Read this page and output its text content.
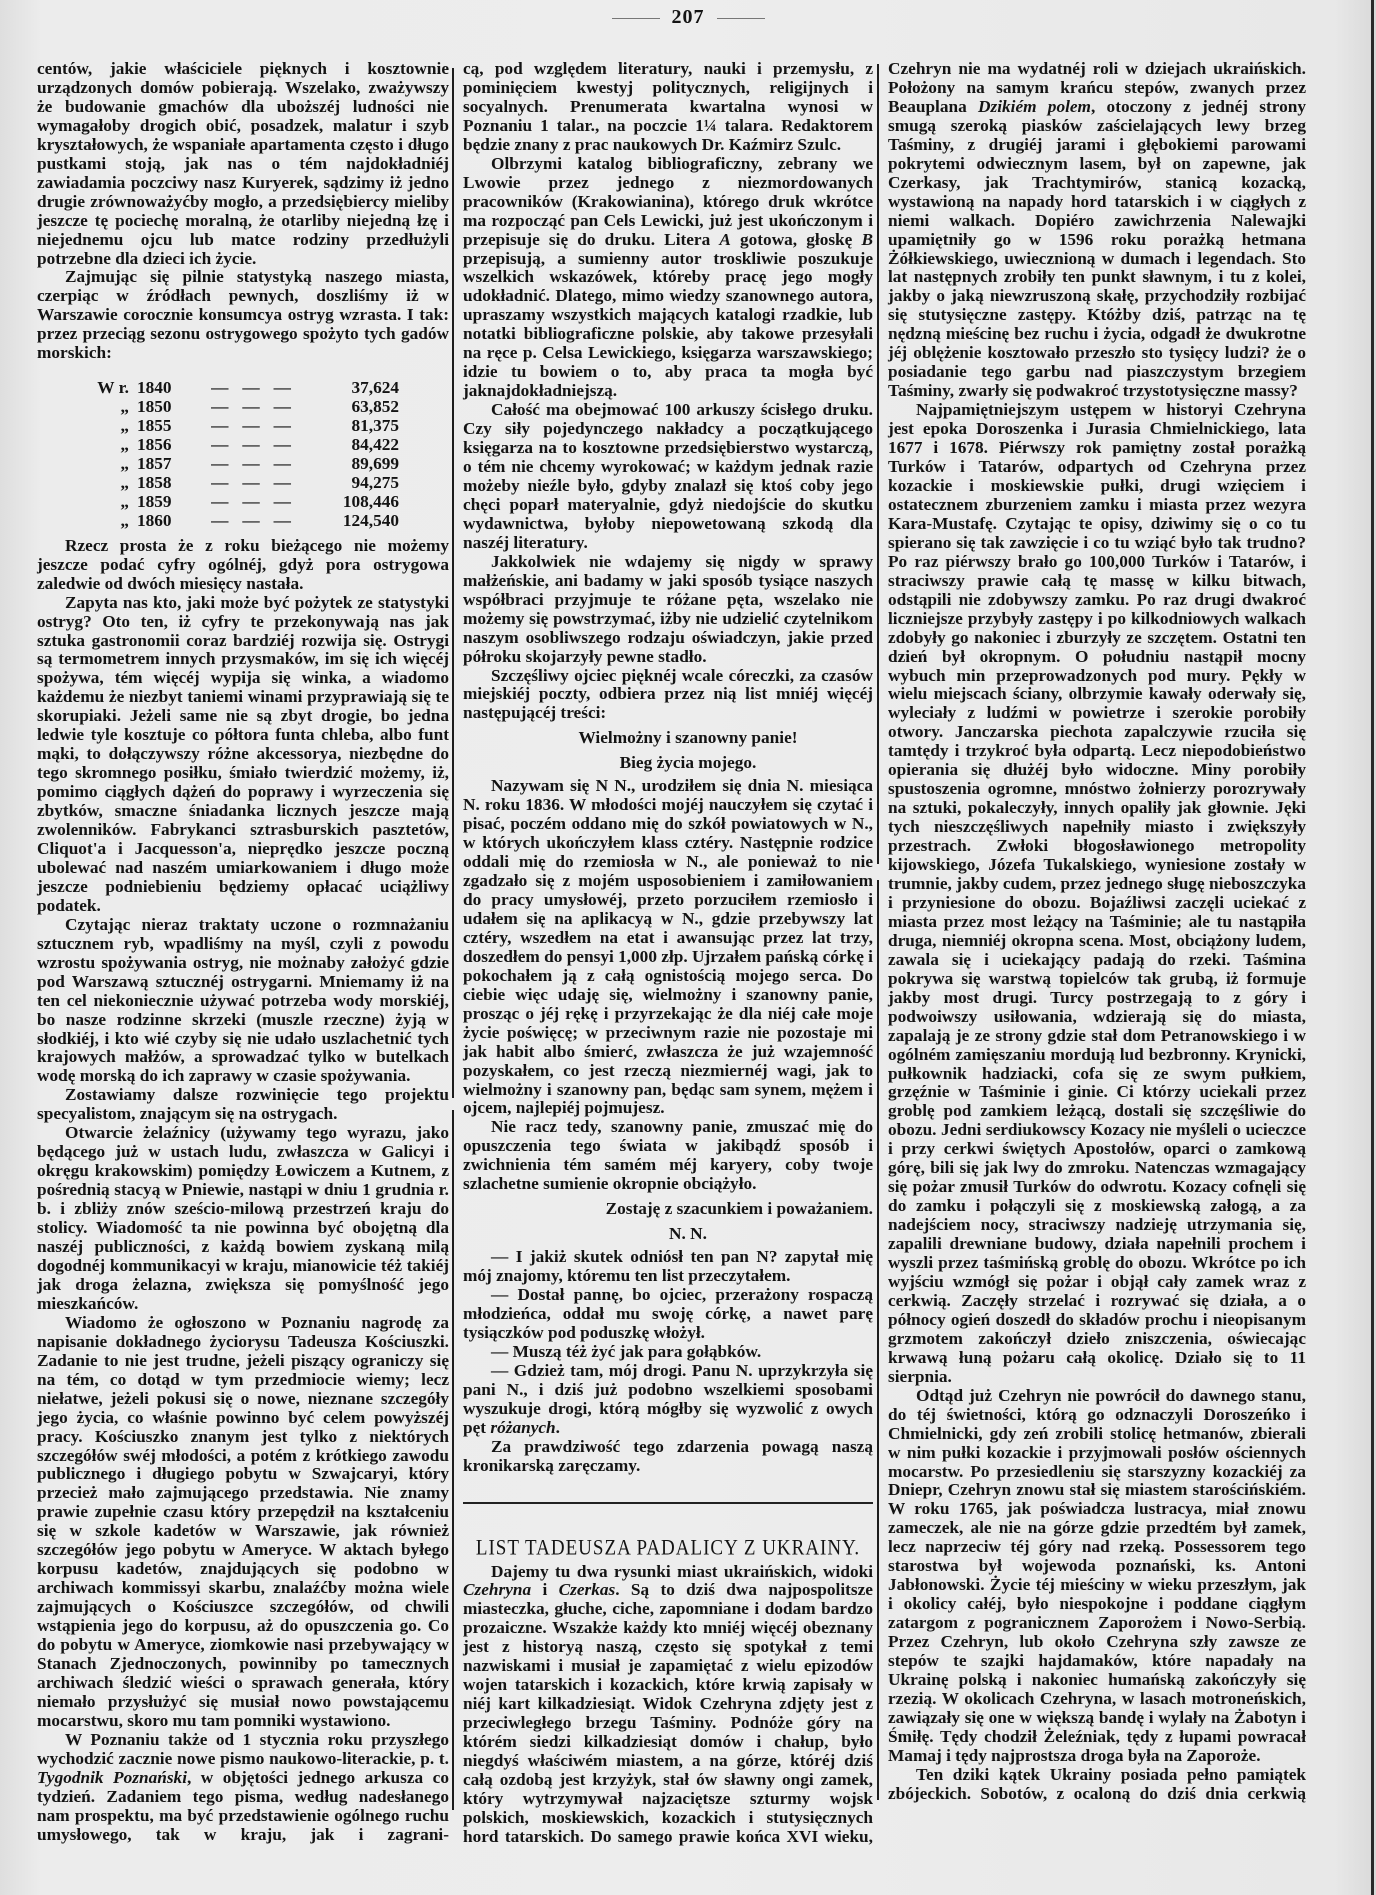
207

centów, jakie właściciele pięknych i kosztownie urządzonych domów pobierają. Wszelako, zważywszy że budowanie gmachów dla uboższéj ludności nie wymagałoby drogich obić, posadzek, malatur i szyb kryształowych, że wspaniałe apartamenta często i długo pustkami stoją, jak nas o tém najdokładniéj zawiadamia poczciwy nasz Kuryerek, sądzimy iż jedno drugie zrównoważyćby mogło, a przedsiębiercy mieliby jeszcze tę pociechę moralną, że otarliby niejedną łzę i niejednemu ojcu lub matce rodziny przedłużyli potrzebne dla dzieci ich życie.

Zajmując się pilnie statystyką naszego miasta, czerpiąc w źródłach pewnych, doszliśmy iż w Warszawie corocznie konsumcya ostryg wzrasta. I tak: przez przeciąg sezonu ostrygowego spożyto tych gadów morskich:

W r. 1840	———	37,624
„ 1850	———	63,852
„ 1855	———	81,375
„ 1856	———	84,422
„ 1857	———	89,699
„ 1858	———	94,275
„ 1859	———	108,446
„ 1860	———	124,540

Rzecz prosta że z roku bieżącego nie możemy jeszcze podać cyfry ogólnéj, gdyż pora ostrygowa zaledwie od dwóch miesięcy nastała.

Zapyta nas kto, jaki może być pożytek ze statystyki ostryg? Oto ten, iż cyfry te przekonywają nas jak sztuka gastronomii coraz bardziéj rozwija się. Ostrygi są termometrem innych przysmaków, im się ich więcéj spożywa, tém więcéj wypija się winka, a wiadomo każdemu że niezbyt taniemi winami przyprawiają się te skorupiaki. Jeżeli same nie są zbyt drogie, bo jedna ledwie tyle kosztuje co półtora funta chleba, albo funt mąki, to dołączywszy różne akcessorya, niezbędne do tego skromnego posiłku, śmiało twierdzić możemy, iż, pomimo ciągłych dążeń do poprawy i wyrzeczenia się zbytków, smaczne śniadanka licznych jeszcze mają zwolenników. Fabrykanci sztrasburskich pasztetów, Cliquot'a i Jacquesson'a, nieprędko jeszcze poczną ubolewać nad naszém umiarkowaniem i długo może jeszcze podniebieniu będziemy opłacać uciążliwy podatek.

Czytając nieraz traktaty uczone o rozmnażaniu sztucznem ryb, wpadliśmy na myśl, czyli z powodu wzrostu spożywania ostryg, nie możnaby założyć gdzie pod Warszawą sztucznéj ostrygarni. Mniemamy iż na ten cel niekoniecznie używać potrzeba wody morskiéj, bo nasze rodzinne skrzeki (muszle rzeczne) żyją w słodkiéj, i kto wié czyby się nie udało uszlachetnić tych krajowych małżów, a sprowadzać tylko w butelkach wodę morską do ich zaprawy w czasie spożywania.

Zostawiamy dalsze rozwinięcie tego projektu specyalistom, znającym się na ostrygach.

Otwarcie żelaźnicy (używamy tego wyrazu, jako będącego już w ustach ludu, zwłaszcza w Galicyi i okręgu krakowskim) pomiędzy Łowiczem a Kutnem, z pośrednią stacyą w Pniewie, nastąpi w dniu 1 grudnia r. b. i zbliży znów sześcio-milową przestrzeń kraju do stolicy. Wiadomość ta nie powinna być obojętną dla naszéj publiczności, z każdą bowiem zyskaną milą dogodnéj kommunikacyi w kraju, mianowicie téż takiéj jak droga żelazna, zwiększa się pomyślność jego mieszkańców.

Wiadomo że ogłoszono w Poznaniu nagrodę za napisanie dokładnego życiorysu Tadeusza Kościuszki. Zadanie to nie jest trudne, jeżeli piszący ograniczy się na tém, co dotąd w tym przedmiocie wiemy; lecz niełatwe, jeżeli pokusi się o nowe, nieznane szczegóły jego życia, co właśnie powinno być celem powyższéj pracy. Kościuszko znanym jest tylko z niektórych szczegółów swéj młodości, a potém z krótkiego zawodu publicznego i długiego pobytu w Szwajcaryi, który przecież mało zajmującego przedstawia. Nie znamy prawie zupełnie czasu który przepędził na kształceniu się w szkole kadetów w Warszawie, jak również szczegółów jego pobytu w Ameryce. W aktach byłego korpusu kadetów, znajdujących się podobno w archiwach kommissyi skarbu, znalaźćby można wiele zajmujących o Kościuszce szczegółów, od chwili wstąpienia jego do korpusu, aż do opuszczenia go. Co do pobytu w Ameryce, ziomkowie nasi przebywający w Stanach Zjednoczonych, powinniby po tamecznych archiwach śledzić wieści o sprawach generała, który niemało przysłużyć się musiał nowo powstającemu mocarstwu, skoro mu tam pomniki wystawiono.

W Poznaniu także od 1 stycznia roku przyszłego wychodzić zacznie nowe pismo naukowo-literackie, p. t. Tygodnik Poznański, w objętości jednego arkusza co tydzień. Zadaniem tego pisma, według nadesłanego nam prospektu, ma być przedstawienie ogólnego ruchu umysłowego, tak w kraju, jak i zagrani-

cą, pod względem literatury, nauki i przemysłu, z pominięciem kwestyj politycznych, religijnych i socyalnych. Prenumerata kwartalna wynosi w Poznaniu 1 talar., na poczcie 1¼ talara. Redaktorem będzie znany z prac naukowych Dr. Kaźmirz Szulc.

Olbrzymi katalog bibliograficzny, zebrany we Lwowie przez jednego z niezmordowanych pracowników (Krakowianina), którego druk wkrótce ma rozpocząć pan Cels Lewicki, już jest ukończonym i przepisuje się do druku. Litera A gotowa, głoskę B przepisują, a sumienny autor troskliwie poszukuje wszelkich wskazówek, któreby pracę jego mogły udokładnić. Dlatego, mimo wiedzy szanownego autora, upraszamy wszystkich mających katalogi rzadkie, lub notatki bibliograficzne polskie, aby takowe przesyłali na ręce p. Celsa Lewickiego, księgarza warszawskiego; idzie tu bowiem o to, aby praca ta mogła być jaknajdokładniejszą.

Całość ma obejmować 100 arkuszy ścisłego druku. Czy siły pojedynczego nakładcy a początkującego księgarza na to kosztowne przedsiębierstwo wystarczą, o tém nie chcemy wyrokować; w każdym jednak razie możeby nieźle było, gdyby znalazł się ktoś coby jego chęci poparł materyalnie, gdyż niedojście do skutku wydawnictwa, byłoby niepowetowaną szkodą dla naszéj literatury.

Jakkolwiek nie wdajemy się nigdy w sprawy małżeńskie, ani badamy w jaki sposób tysiące naszych współbraci przyjmuje te różane pęta, wszelako nie możemy się powstrzymać, iżby nie udzielić czytelnikom naszym osobliwszego rodzaju oświadczyn, jakie przed półroku skojarzyły pewne stadło.

Szczęśliwy ojciec pięknéj wcale córeczki, za czasów miejskiéj poczty, odbiera przez nią list mniéj więcéj następującéj treści:

Wielmożny i szanowny panie!

Bieg życia mojego.

Nazywam się N N., urodziłem się dnia N. miesiąca N. roku 1836. W młodości mojéj nauczyłem się czytać i pisać, poczém oddano mię do szkół powiatowych w N., w których ukończyłem klass cztéry. Następnie rodzice oddali mię do rzemiosła w N., ale ponieważ to nie zgadzało się z mojém usposobieniem i zamiłowaniem do pracy umysłowéj, przeto porzuciłem rzemiosło i udałem się na aplikacyą w N., gdzie przebywszy lat cztéry, wszedłem na etat i awansując przez lat trzy, doszedłem do pensyi 1,000 złp. Ujrzałem pańską córkę i pokochałem ją z całą ognistością mojego serca. Do ciebie więc udaję się, wielmożny i szanowny panie, prosząc o jéj rękę i przyrzekając że dla niéj całe moje życie poświęcę; w przeciwnym razie nie pozostaje mi jak habit albo śmierć, zwłaszcza że już wzajemność pozyskałem, co jest rzeczą niezmiernéj wagi, jak to wielmożny i szanowny pan, będąc sam synem, mężem i ojcem, najlepiéj pojmujesz.

Nie racz tedy, szanowny panie, zmuszać mię do opuszczenia tego świata w jakibądź sposób i zwichnienia tém samém méj karyery, coby twoje szlachetne sumienie okropnie obciążyło.

Zostaję z szacunkiem i poważaniem.

N. N.

— I jakiż skutek odniósł ten pan N? zapytał mię mój znajomy, któremu ten list przeczytałem.

— Dostał pannę, bo ojciec, przerażony rospaczą młodzieńca, oddał mu swoję córkę, a nawet parę tysiączków pod poduszkę włożył.

— Muszą téż żyć jak para gołąbków.

— Gdzież tam, mój drogi. Panu N. uprzykrzyła się pani N., i dziś już podobno wszelkiemi sposobami wyszukuje drogi, którą mógłby się wyzwolić z owych pęt różanych.

Za prawdziwość tego zdarzenia powagą naszą kronikarską zaręczamy.

LIST TADEUSZA PADALICY Z UKRAINY.

Dajemy tu dwa rysunki miast ukraińskich, widoki Czehryna i Czerkas. Są to dziś dwa najpospolitsze miasteczka, głuche, ciche, zapomniane i dodam bardzo prozaiczne. Wszakże każdy kto mniéj więcéj obeznany jest z historyą naszą, często się spotykał z temi nazwiskami i musiał je zapamiętać z wielu epizodów wojen tatarskich i kozackich, które krwią zapisały w niéj kart kilkadziesiąt. Widok Czehryna zdjęty jest z przeciwległego brzegu Taśminy. Podnóże góry na którém siedzi kilkadziesiąt domów i chałup, było niegdyś właściwém miastem, a na górze, któréj dziś całą ozdobą jest krzyżyk, stał ów sławny ongi zamek, który wytrzymywał najzaciętsze szturmy wojsk polskich, moskiewskich, kozackich i stutysięcznych hord tatarskich. Do samego prawie końca XVI wieku,

Czehryn nie ma wydatnéj roli w dziejach ukraińskich. Położony na samym krańcu stepów, zwanych przez Beauplana Dzikiém polem, otoczony z jednéj strony smugą szeroką piasków zaścielających lewy brzeg Taśminy, z drugiéj jarami i głębokiemi parowami pokrytemi odwiecznym lasem, był on zapewne, jak Czerkasy, jak Trachtymirów, stanicą kozacką, wystawioną na napady hord tatarskich i w ciągłych z niemi walkach. Dopiéro zawichrzenia Nalewajki upamiętniły go w 1596 roku porażką hetmana Żółkiewskiego, uwiecznioną w dumach i legendach. Sto lat następnych zrobiły ten punkt sławnym, i tu z kolei, jakby o jaką niewzruszoną skałę, przychodziły rozbijać się stutysięczne zastępy. Któżby dziś, patrząc na tę nędzną mieścinę bez ruchu i życia, odgadł że dwukrotne jéj oblężenie kosztowało przeszło sto tysięcy ludzi? że o posiadanie tego garbu nad piaszczystym brzegiem Taśminy, zwarły się podwakroć trzystotysięczne massy?

Najpamiętniejszym ustępem w historyi Czehryna jest epoka Doroszenka i Jurasia Chmielnickiego, lata 1677 i 1678. Piérwszy rok pamiętny został porażką Turków i Tatarów, odpartych od Czehryna przez kozackie i moskiewskie pułki, drugi wzięciem i ostatecznem zburzeniem zamku i miasta przez wezyra Kara-Mustafę. Czytając te opisy, dziwimy się o co tu spierano się tak zawzięcie i co tu wziąć było tak trudno? Po raz piérwszy brało go 100,000 Turków i Tatarów, i straciwszy prawie całą tę massę w kilku bitwach, odstąpili nie zdobywszy zamku. Po raz drugi dwakroć liczniejsze przybyły zastępy i po kilkodniowych walkach zdobyły go nakoniec i zburzyły ze szczętem. Ostatni ten dzień był okropnym. O południu nastąpił mocny wybuch min przeprowadzonych pod mury. Pękły w wielu miejscach ściany, olbrzymie kawały oderwały się, wyleciały z ludźmi w powietrze i szerokie porobiły otwory. Janczarska piechota zapalczywie rzuciła się tamtędy i trzykroć była odpartą. Lecz niepodobieństwo opierania się dłużéj było widoczne. Miny porobiły spustoszenia ogromne, mnóstwo żołnierzy porozrywały na sztuki, pokaleczyły, innych opaliły jak głownie. Jęki tych nieszczęśliwych napełniły miasto i zwiększyły przestrach. Zwłoki błogosławionego metropolity kijowskiego, Józefa Tukalskiego, wyniesione zostały w trumnie, jakby cudem, przez jednego sługę nieboszczyka i przyniesione do obozu. Bojaźliwsi zaczęli uciekać z miasta przez most leżący na Taśminie; ale tu nastąpiła druga, niemniéj okropna scena. Most, obciążony ludem, zawala się i uciekający padają do rzeki. Taśmina pokrywa się warstwą topielców tak grubą, iż formuje jakby most drugi. Turcy postrzegają to z góry i podwoiwszy usiłowania, wdzierają się do miasta, zapalają je ze strony gdzie stał dom Petranowskiego i w ogólném zamięszaniu mordują lud bezbronny. Krynicki, pułkownik hadziacki, cofa się ze swym pułkiem, grzęźnie w Taśminie i ginie. Ci którzy uciekali przez groblę pod zamkiem leżącą, dostali się szczęśliwie do obozu. Jedni serdiukowscy Kozacy nie myśleli o ucieczce i przy cerkwi świętych Apostołów, oparci o zamkową górę, bili się jak lwy do zmroku. Natenczas wzmagający się pożar zmusił Turków do odwrotu. Kozacy cofnęli się do zamku i połączyli się z moskiewską załogą, a za nadejściem nocy, straciwszy nadzieję utrzymania się, zapalili drewniane budowy, działa napełnili prochem i wyszli przez taśmińską groblę do obozu. Wkrótce po ich wyjściu wzmógł się pożar i objął cały zamek wraz z cerkwią. Zaczęły strzelać i rozrywać się działa, a o północy ogień doszedł do składów prochu i nieopisanym grzmotem zakończył dzieło zniszczenia, oświecając krwawą łuną pożaru całą okolicę. Działo się to 11 sierpnia.

Odtąd już Czehryn nie powrócił do dawnego stanu, do téj świetności, którą go odznaczyli Doroszeńko i Chmielnicki, gdy zeń zrobili stolicę hetmanów, zbierali w nim pułki kozackie i przyjmowali posłów ościennych mocarstw. Po przesiedleniu się starszyzny kozackiéj za Dniepr, Czehryn znowu stał się miastem starościńskiém. W roku 1765, jak poświadcza lustracya, miał znowu zameczek, ale nie na górze gdzie przedtém był zamek, lecz naprzeciw téj góry nad rzeką. Possessorem tego starostwa był wojewoda poznański, ks. Antoni Jabłonowski. Życie téj mieściny w wieku przeszłym, jak i okolicy całéj, było niespokojne i poddane ciągłym zatargom z pogranicznem Zaporożem i Nowo-Serbią. Przez Czehryn, lub około Czehryna szły zawsze ze stepów te szajki hajdamaków, które napadały na Ukrainę polską i nakoniec humańską zakończyły się rzezią. W okolicach Czehryna, w lasach motroneńskich, zawiązały się one w większą bandę i wylały na Żabotyn i Śmiłę. Tędy chodził Żeleźniak, tędy z łupami powracał Mamaj i tędy najprostsza droga była na Zaporoże.

Ten dziki kątek Ukrainy posiada pełno pamiątek zbójeckich. Sobotów, z ocaloną do dziś dnia cerkwią
